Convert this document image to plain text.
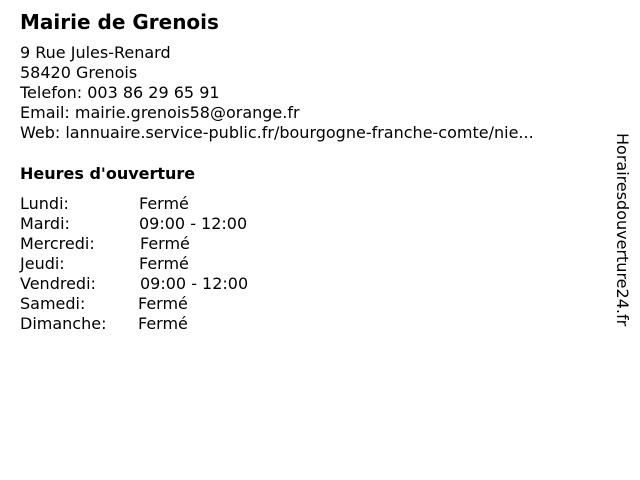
Mairie de Grenois
9 Rue Jules-Renard
58420 Grenois
Telefon: 003 86 29 65 91
Email: mairie.grenois58@orange.fr
Web: lannuaire.service-public.fr/bourgogne-franche-comte/nie...
Heures d'ouverture
Lundi:	Fermé
Mardi:	09:00 - 12:00
Mercredi:	Fermé
Jeudi:	Fermé
Vendredi:	09:00 - 12:00
Samedi:	Fermé
Dimanche: Fermé	Horairesdouverture24.fr
